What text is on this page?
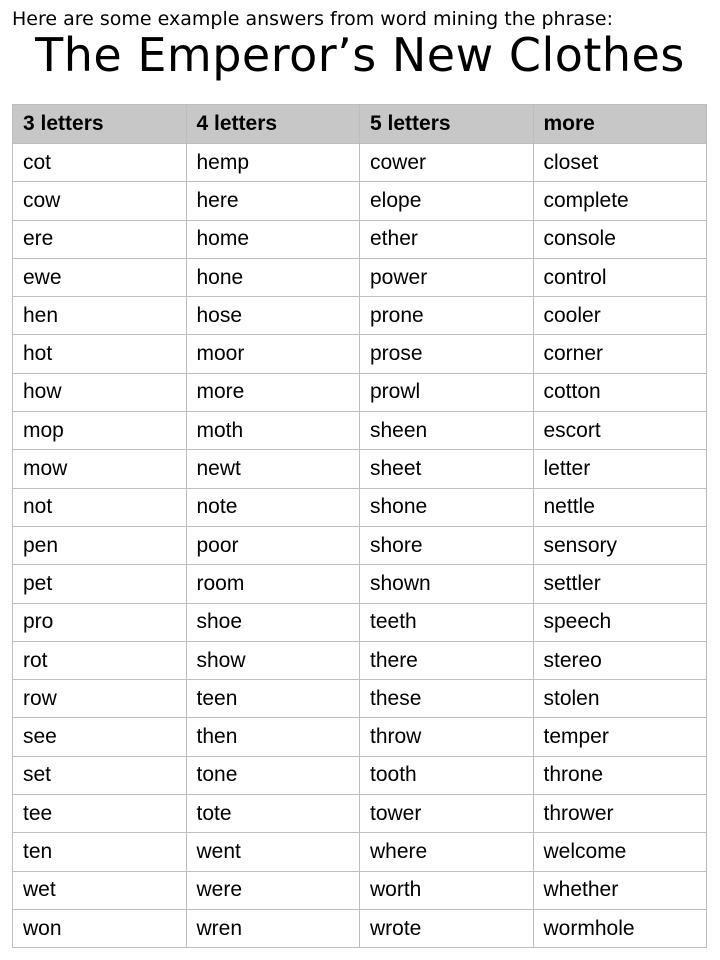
Here are some example answers from word mining the phrase:
The Emperor’s New Clothes
3 letters	4 letters	5 letters	more
cot	hemp	cower	closet
cow	here	elope	complete
ere	home	ether	console
ewe	hone	power	control
hen	hose	prone	cooler
hot	moor	prose	corner
how	more	prowl	cotton
mop	moth	sheen	escort
mow	newt	sheet	letter
not	note	shone	nettle
pen	poor	shore	sensory
pet	room	shown	settler
pro	shoe	teeth	speech
rot	show	there	stereo
row	teen	these	stolen
see	then	throw	temper
set	tone	tooth	throne
tee	tote	tower	thrower
ten	went	where	welcome
wet	were	worth	whether
won	wren	wrote	wormhole
